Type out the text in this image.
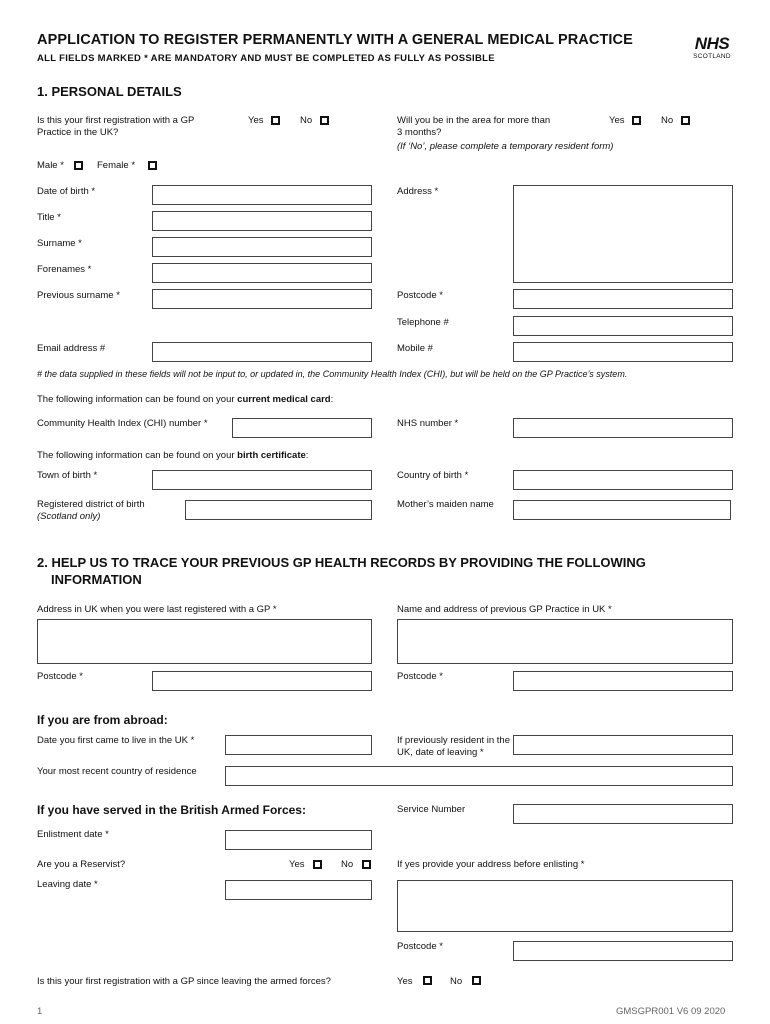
APPLICATION TO REGISTER PERMANENTLY WITH A GENERAL MEDICAL PRACTICE
ALL FIELDS MARKED * ARE MANDATORY AND MUST BE COMPLETED AS FULLY AS POSSIBLE
NHS
SCOTLAND
1. PERSONAL DETAILS
Is this your first registration with a GP Practice in the UK?
Yes	No	Will you be in the area for more than 3 months?
Yes	No
(If ‘No’, please complete a temporary resident form)
Male *	Female *
Date of birth *
Title *
Surname *
Forenames *
Previous surname *
Address *
Postcode *
Telephone #
Email address #	Mobile #
# the data supplied in these fields will not be input to, or updated in, the Community Health Index (CHI), but will be held on the GP Practice’s system.
The following information can be found on your current medical card:
Community Health Index (CHI) number *	NHS number *
The following information can be found on your birth certificate:
Town of birth *	Country of birth *
Registered district of birth
(Scotland only)
Mother’s maiden name
2. HELP US TO TRACE YOUR PREVIOUS GP HEALTH RECORDS BY PROVIDING THE FOLLOWING
INFORMATION
Address in UK when you were last registered with a GP *	Name and address of previous GP Practice in UK *
Postcode *	Postcode *
If you are from abroad:
Date you first came to live in the UK *	If previously resident in the UK, date of leaving *
Your most recent country of residence
If you have served in the British Armed Forces:	Service Number
Enlistment date *
Are you a Reservist?	Yes	No	If yes provide your address before enlisting *
Leaving date *
Postcode *
Is this your first registration with a GP since leaving the armed forces?	Yes	No
1	GMSGPR001 V6 09 2020
